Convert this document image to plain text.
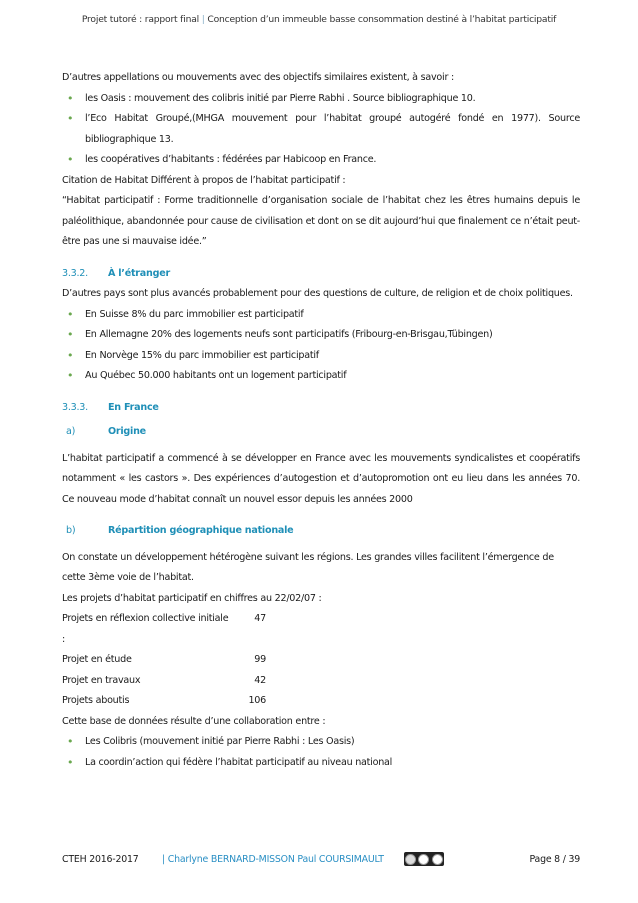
Projet tutoré : rapport final | Conception d’un immeuble basse consommation destiné à l’habitat participatif

D’autres appellations ou mouvements avec des objectifs similaires existent, à savoir :

• les Oasis : mouvement des colibris initié par Pierre Rabhi . Source bibliographique 10.

• l’Eco Habitat Groupé,(MHGA mouvement pour l’habitat groupé autogéré fondé en 1977). Source bibliographique 13.

• les coopératives d’habitants : fédérées par Habicoop en France.

Citation de Habitat Différent à propos de l’habitat participatif :

“Habitat participatif : Forme traditionnelle d’organisation sociale de l’habitat chez les êtres humains depuis le paléolithique, abandonnée pour cause de civilisation et dont on se dit aujourd’hui que finalement ce n’était peut-être pas une si mauvaise idée.”

3.3.2. À l’étranger

D’autres pays sont plus avancés probablement pour des questions de culture, de religion et de choix politiques.

• En Suisse 8% du parc immobilier est participatif

• En Allemagne 20% des logements neufs sont participatifs (Fribourg-en-Brisgau,Tübingen)

• En Norvège 15% du parc immobilier est participatif

• Au Québec 50.000 habitants ont un logement participatif

3.3.3. En France

a)	Origine

L’habitat participatif a commencé à se développer en France avec les mouvements syndicalistes et coopératifs notamment « les castors ». Des expériences d’autogestion et d’autopromotion ont eu lieu dans les années 70. Ce nouveau mode d’habitat connaît un nouvel essor depuis les années 2000

b)	Répartition géographique nationale

On constate un développement hétérogène suivant les régions. Les grandes villes facilitent l’émergence de cette 3ème voie de l’habitat.

Les projets d’habitat participatif en chiffres au 22/02/07 :

Projets en réflexion collective initiale :
47
Projet en étude	99
Projet en travaux	42
Projets aboutis	106

Cette base de données résulte d’une collaboration entre :

• Les Colibris (mouvement initié par Pierre Rabhi : Les Oasis)

• La coordin’action qui fédère l’habitat participatif au niveau national

CTEH 2016-2017 | Charlyne BERNARD-MISSON Paul COURSIMAULT	Page 8 / 39
